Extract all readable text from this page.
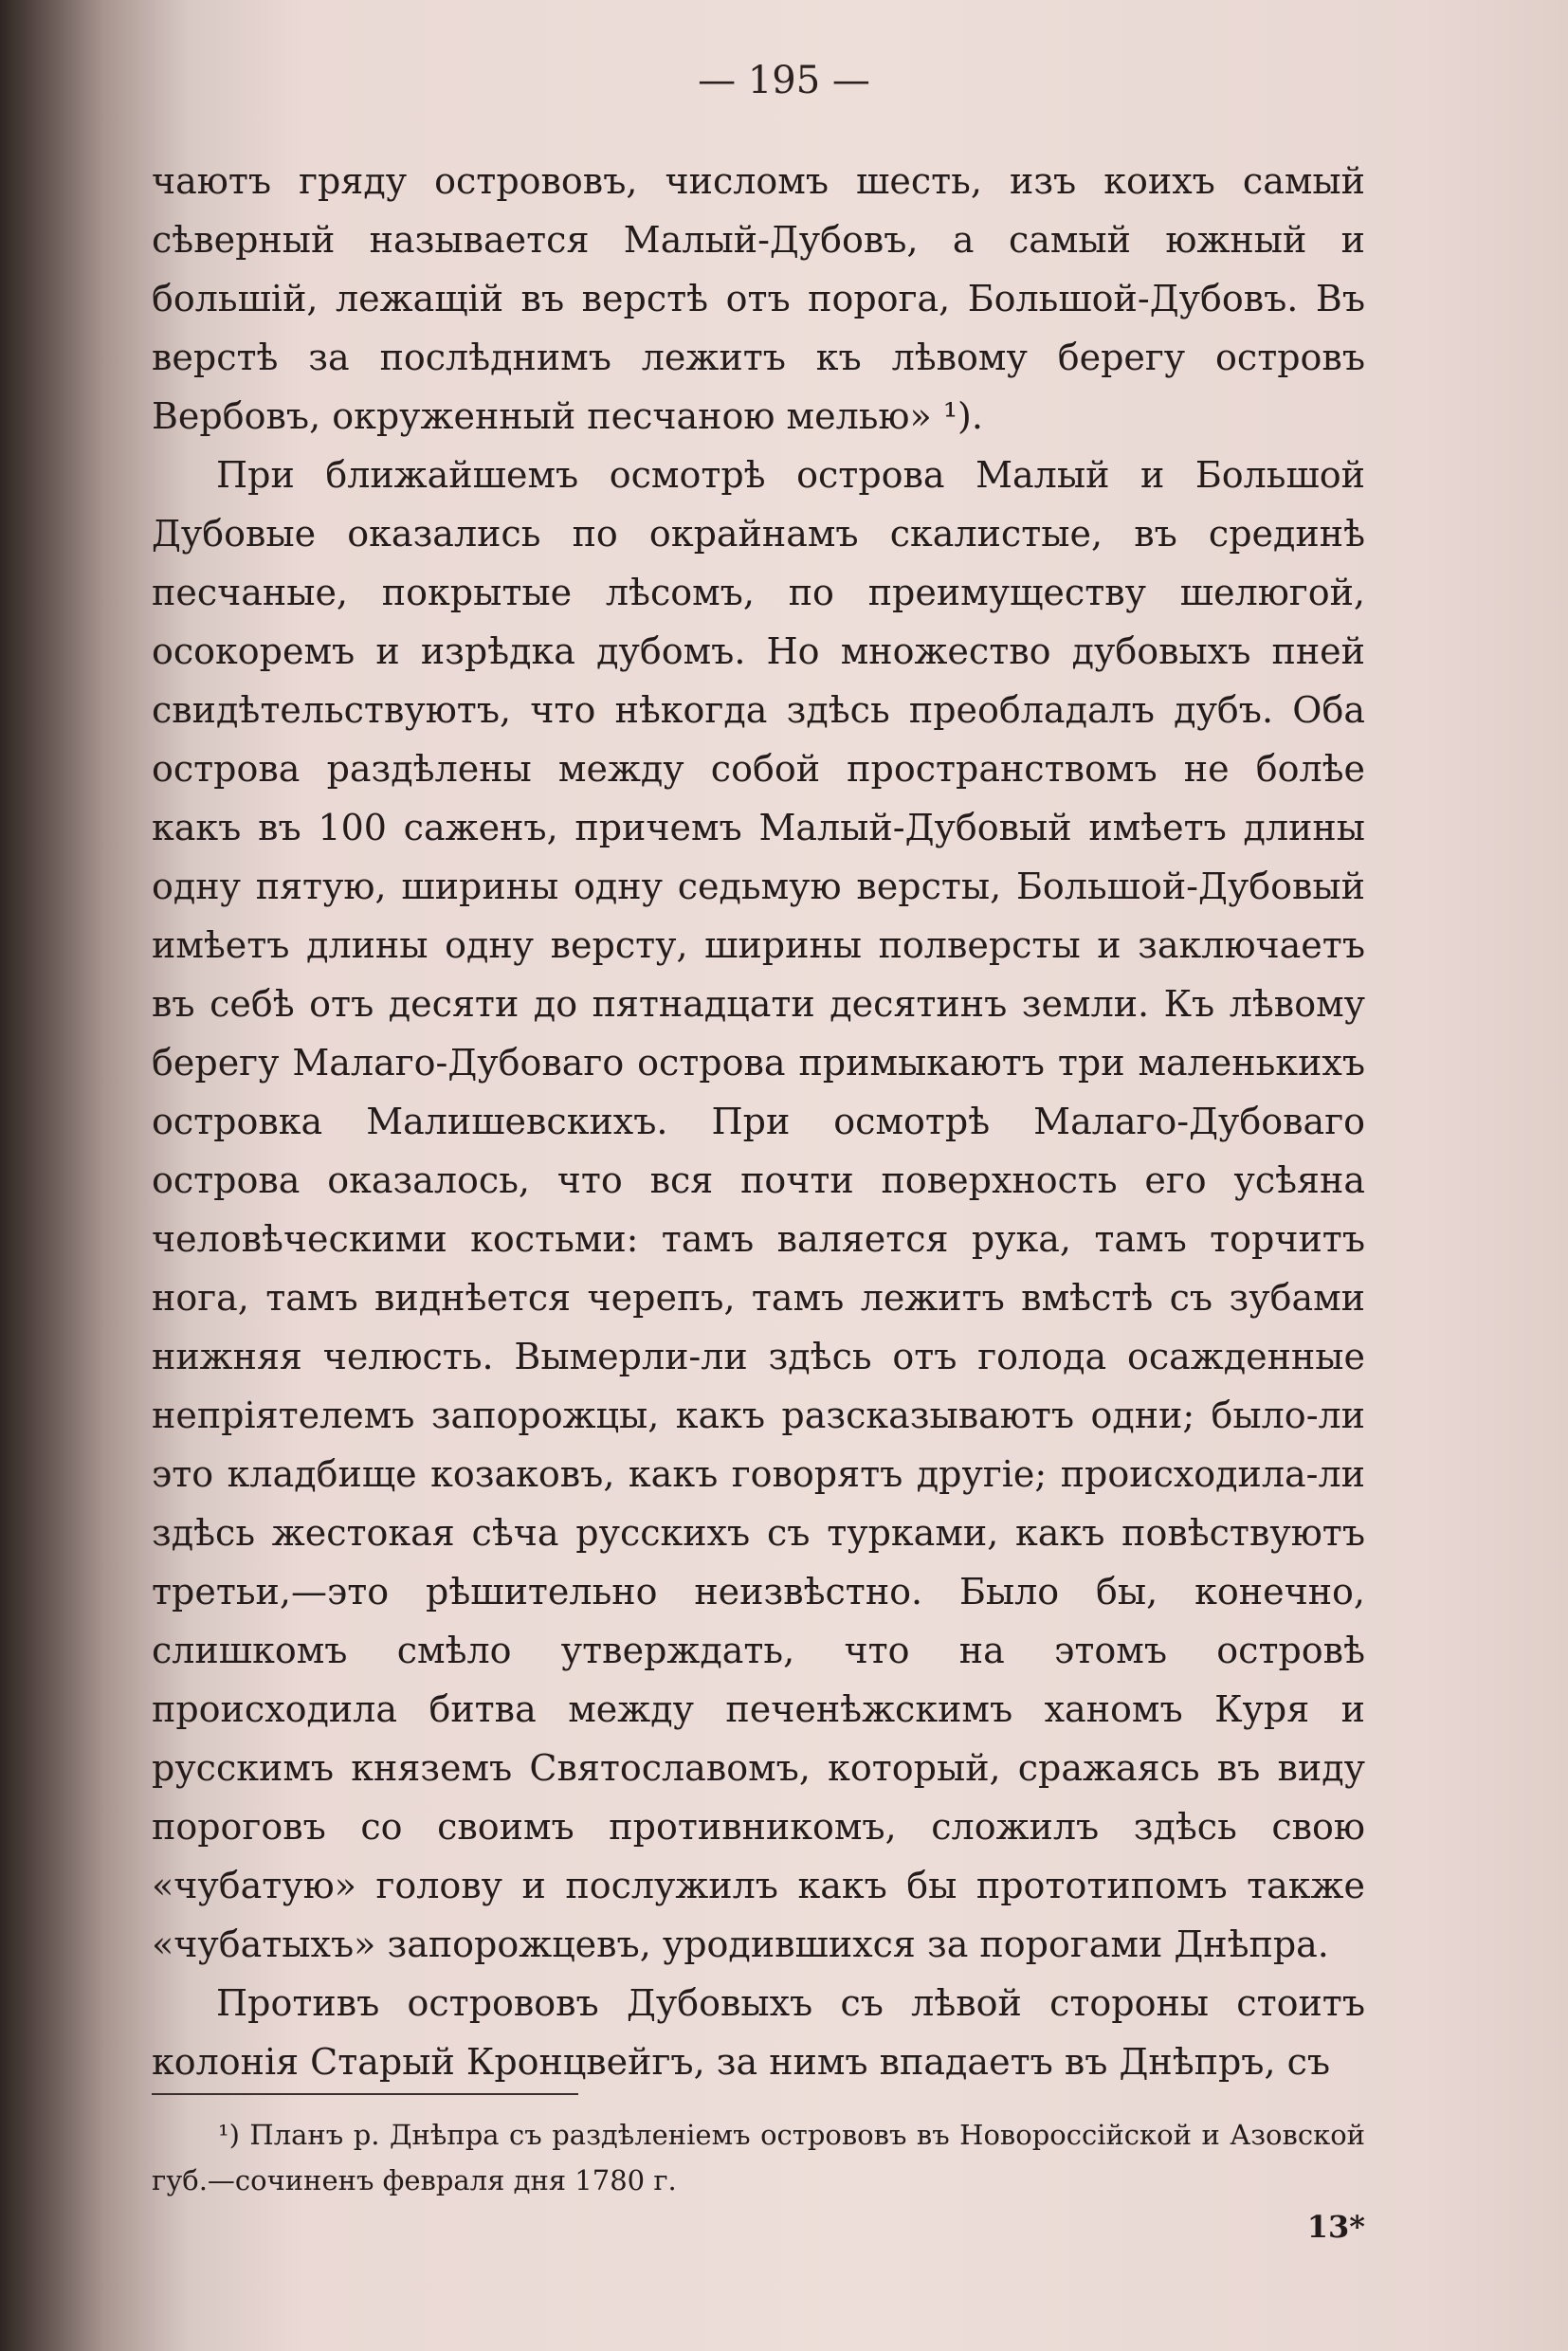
— 195 —

чаютъ гряду острововъ, числомъ шесть, изъ коихъ самый сѣверный называется Малый-Дубовъ, а самый южный и большій, лежащій въ верстѣ отъ порога, Большой-Дубовъ. Въ верстѣ за послѣднимъ лежитъ къ лѣвому берегу островъ Вербовъ, окруженный песчаною мелью» ¹).

При ближайшемъ осмотрѣ острова Малый и Большой Дубовые оказались по окрайнамъ скалистые, въ срединѣ песчаные, покрытые лѣсомъ, по преимуществу шелюгой, осокоремъ и изрѣдка дубомъ. Но множество дубовыхъ пней свидѣтельствуютъ, что нѣкогда здѣсь преобладалъ дубъ. Оба острова раздѣлены между собой пространствомъ не болѣе какъ въ 100 саженъ, причемъ Малый-Дубовый имѣетъ длины одну пятую, ширины одну седьмую версты, Большой-Дубовый имѣетъ длины одну версту, ширины полверсты и заключаетъ въ себѣ отъ десяти до пятнадцати десятинъ земли. Къ лѣвому берегу Малаго-Дубоваго острова примыкаютъ три маленькихъ островка Малишевскихъ. При осмотрѣ Малаго-Дубоваго острова оказалось, что вся почти поверхность его усѣяна человѣческими костьми: тамъ валяется рука, тамъ торчитъ нога, тамъ виднѣется черепъ, тамъ лежитъ вмѣстѣ съ зубами нижняя челюсть. Вымерли-ли здѣсь отъ голода осажденные непріятелемъ запорожцы, какъ разсказываютъ одни; было-ли это кладбище козаковъ, какъ говорятъ другіе; происходила-ли здѣсь жестокая сѣча русскихъ съ турками, какъ повѣствуютъ третьи,—это рѣшительно неизвѣстно. Было бы, конечно, слишкомъ смѣло утверждать, что на этомъ островѣ происходила битва между печенѣжскимъ ханомъ Куря и русскимъ княземъ Святославомъ, который, сражаясь въ виду пороговъ со своимъ противникомъ, сложилъ здѣсь свою «чубатую» голову и послужилъ какъ бы прототипомъ также «чубатыхъ» запорожцевъ, уродившихся за порогами Днѣпра.

Противъ острововъ Дубовыхъ съ лѣвой стороны стоитъ колонія Старый Кронцвейгъ, за нимъ впадаетъ въ Днѣпръ, съ

¹) Планъ р. Днѣпра съ раздѣленіемъ острововъ въ Новороссійской и Азовской губ.—сочиненъ февраля дня 1780 г.

13*
